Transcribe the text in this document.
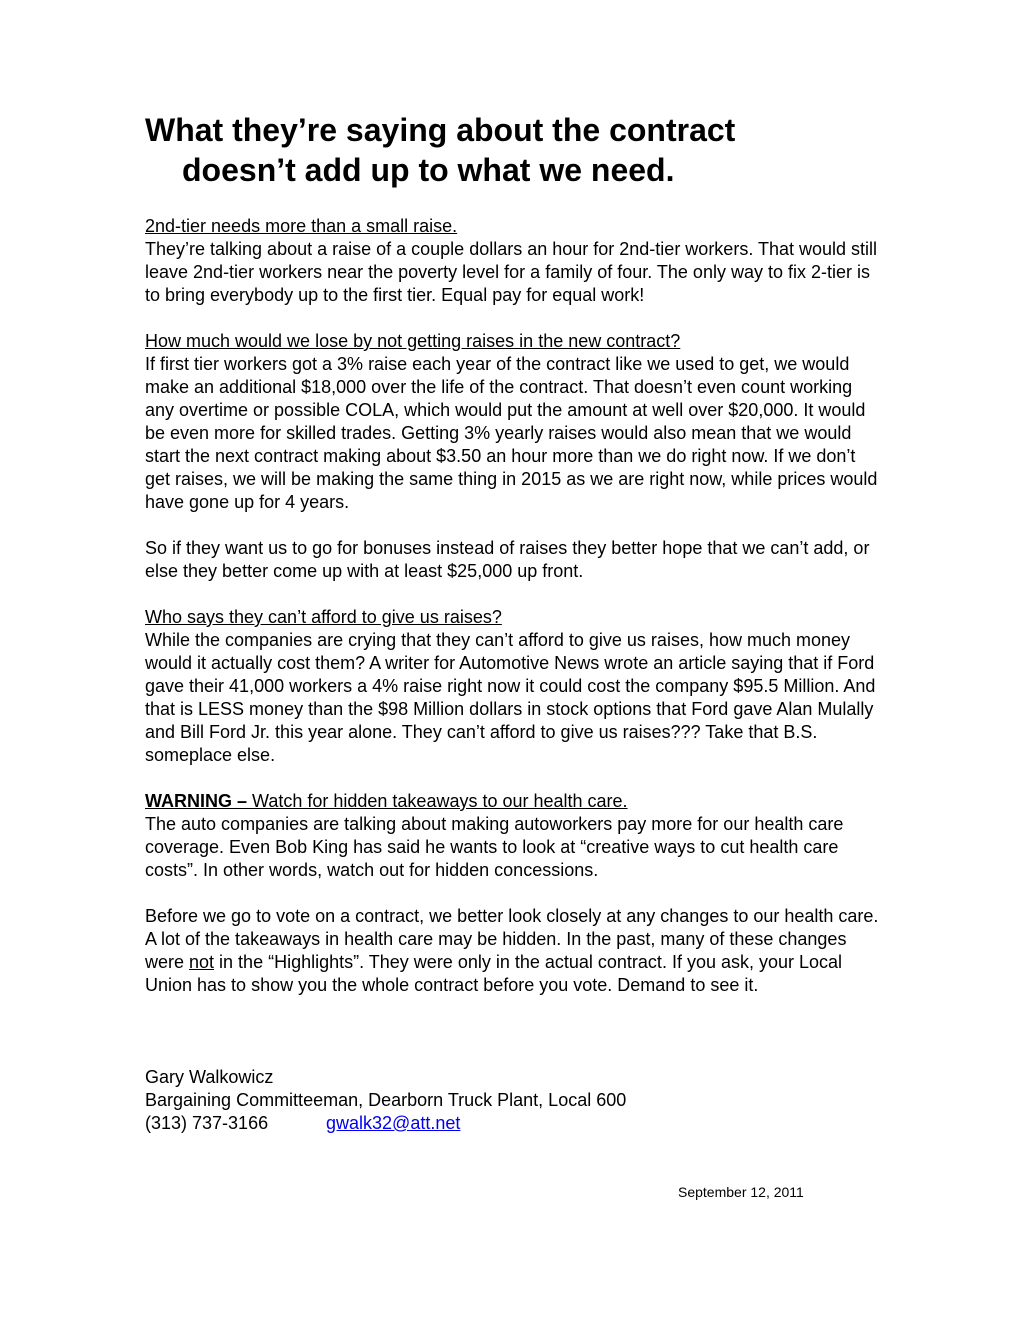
What they’re saying about the contract
doesn’t add up to what we need.
2nd-tier needs more than a small raise.
They’re talking about a raise of a couple dollars an hour for 2nd-tier workers. That would still leave 2nd-tier workers near the poverty level for a family of four. The only way to fix 2-tier is to bring everybody up to the first tier. Equal pay for equal work!
How much would we lose by not getting raises in the new contract?
If first tier workers got a 3% raise each year of the contract like we used to get, we would make an additional $18,000 over the life of the contract. That doesn’t even count working any overtime or possible COLA, which would put the amount at well over $20,000. It would be even more for skilled trades. Getting 3% yearly raises would also mean that we would start the next contract making about $3.50 an hour more than we do right now. If we don’t get raises, we will be making the same thing in 2015 as we are right now, while prices would have gone up for 4 years.
So if they want us to go for bonuses instead of raises they better hope that we can’t add, or else they better come up with at least $25,000 up front.
Who says they can’t afford to give us raises?
While the companies are crying that they can’t afford to give us raises, how much money would it actually cost them? A writer for Automotive News wrote an article saying that if Ford gave their 41,000 workers a 4% raise right now it could cost the company $95.5 Million. And that is LESS money than the $98 Million dollars in stock options that Ford gave Alan Mulally and Bill Ford Jr. this year alone. They can’t afford to give us raises??? Take that B.S. someplace else.
WARNING – Watch for hidden takeaways to our health care.
The auto companies are talking about making autoworkers pay more for our health care coverage. Even Bob King has said he wants to look at “creative ways to cut health care costs”. In other words, watch out for hidden concessions.
Before we go to vote on a contract, we better look closely at any changes to our health care. A lot of the takeaways in health care may be hidden. In the past, many of these changes were not in the “Highlights”. They were only in the actual contract. If you ask, your Local Union has to show you the whole contract before you vote. Demand to see it.
Gary Walkowicz
Bargaining Committeeman, Dearborn Truck Plant, Local 600
(313) 737-3166	gwalk32@att.net
September 12, 2011
